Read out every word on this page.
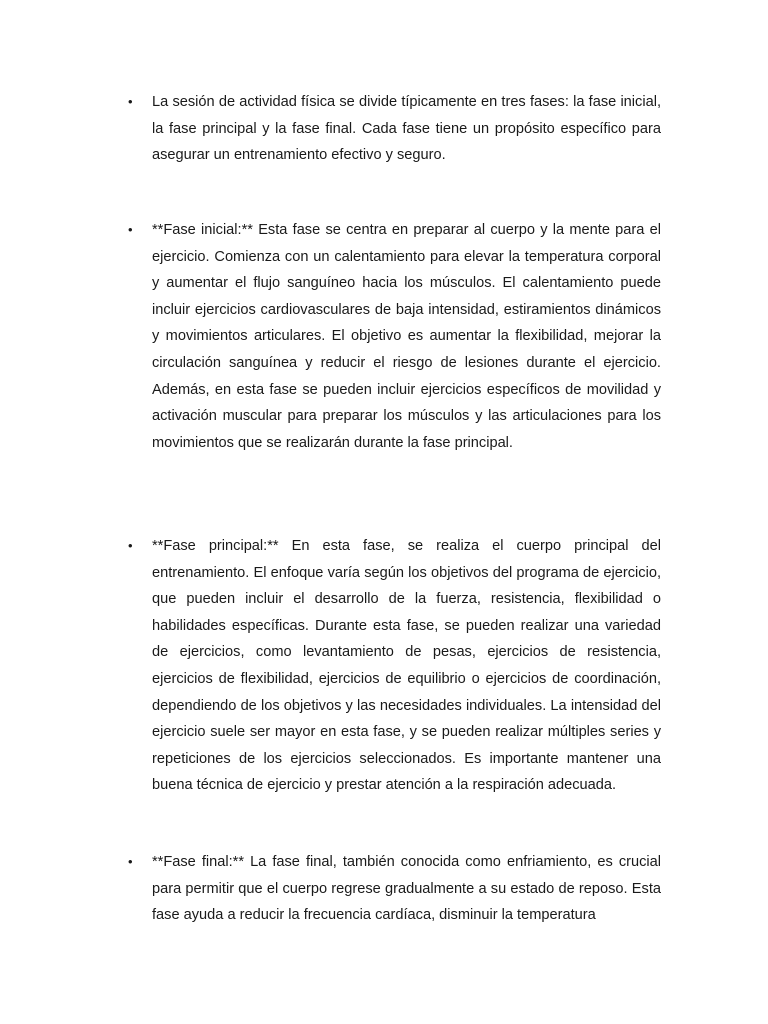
•	La sesión de actividad física se divide típicamente en tres fases: la fase inicial, la fase principal y la fase final. Cada fase tiene un propósito específico para asegurar un entrenamiento efectivo y seguro.
•	**Fase inicial:** Esta fase se centra en preparar al cuerpo y la mente para el ejercicio. Comienza con un calentamiento para elevar la temperatura corporal y aumentar el flujo sanguíneo hacia los músculos. El calentamiento puede incluir ejercicios cardiovasculares de baja intensidad, estiramientos dinámicos y movimientos articulares. El objetivo es aumentar la flexibilidad, mejorar la circulación sanguínea y reducir el riesgo de lesiones durante el ejercicio. Además, en esta fase se pueden incluir ejercicios específicos de movilidad y activación muscular para preparar los músculos y las articulaciones para los movimientos que se realizarán durante la fase principal.
•	**Fase principal:** En esta fase, se realiza el cuerpo principal del entrenamiento. El enfoque varía según los objetivos del programa de ejercicio, que pueden incluir el desarrollo de la fuerza, resistencia, flexibilidad o habilidades específicas. Durante esta fase, se pueden realizar una variedad de ejercicios, como levantamiento de pesas, ejercicios de resistencia, ejercicios de flexibilidad, ejercicios de equilibrio o ejercicios de coordinación, dependiendo de los objetivos y las necesidades individuales. La intensidad del ejercicio suele ser mayor en esta fase, y se pueden realizar múltiples series y repeticiones de los ejercicios seleccionados. Es importante mantener una buena técnica de ejercicio y prestar atención a la respiración adecuada.
•	**Fase final:** La fase final, también conocida como enfriamiento, es crucial para permitir que el cuerpo regrese gradualmente a su estado de reposo. Esta fase ayuda a reducir la frecuencia cardíaca, disminuir la temperatura
